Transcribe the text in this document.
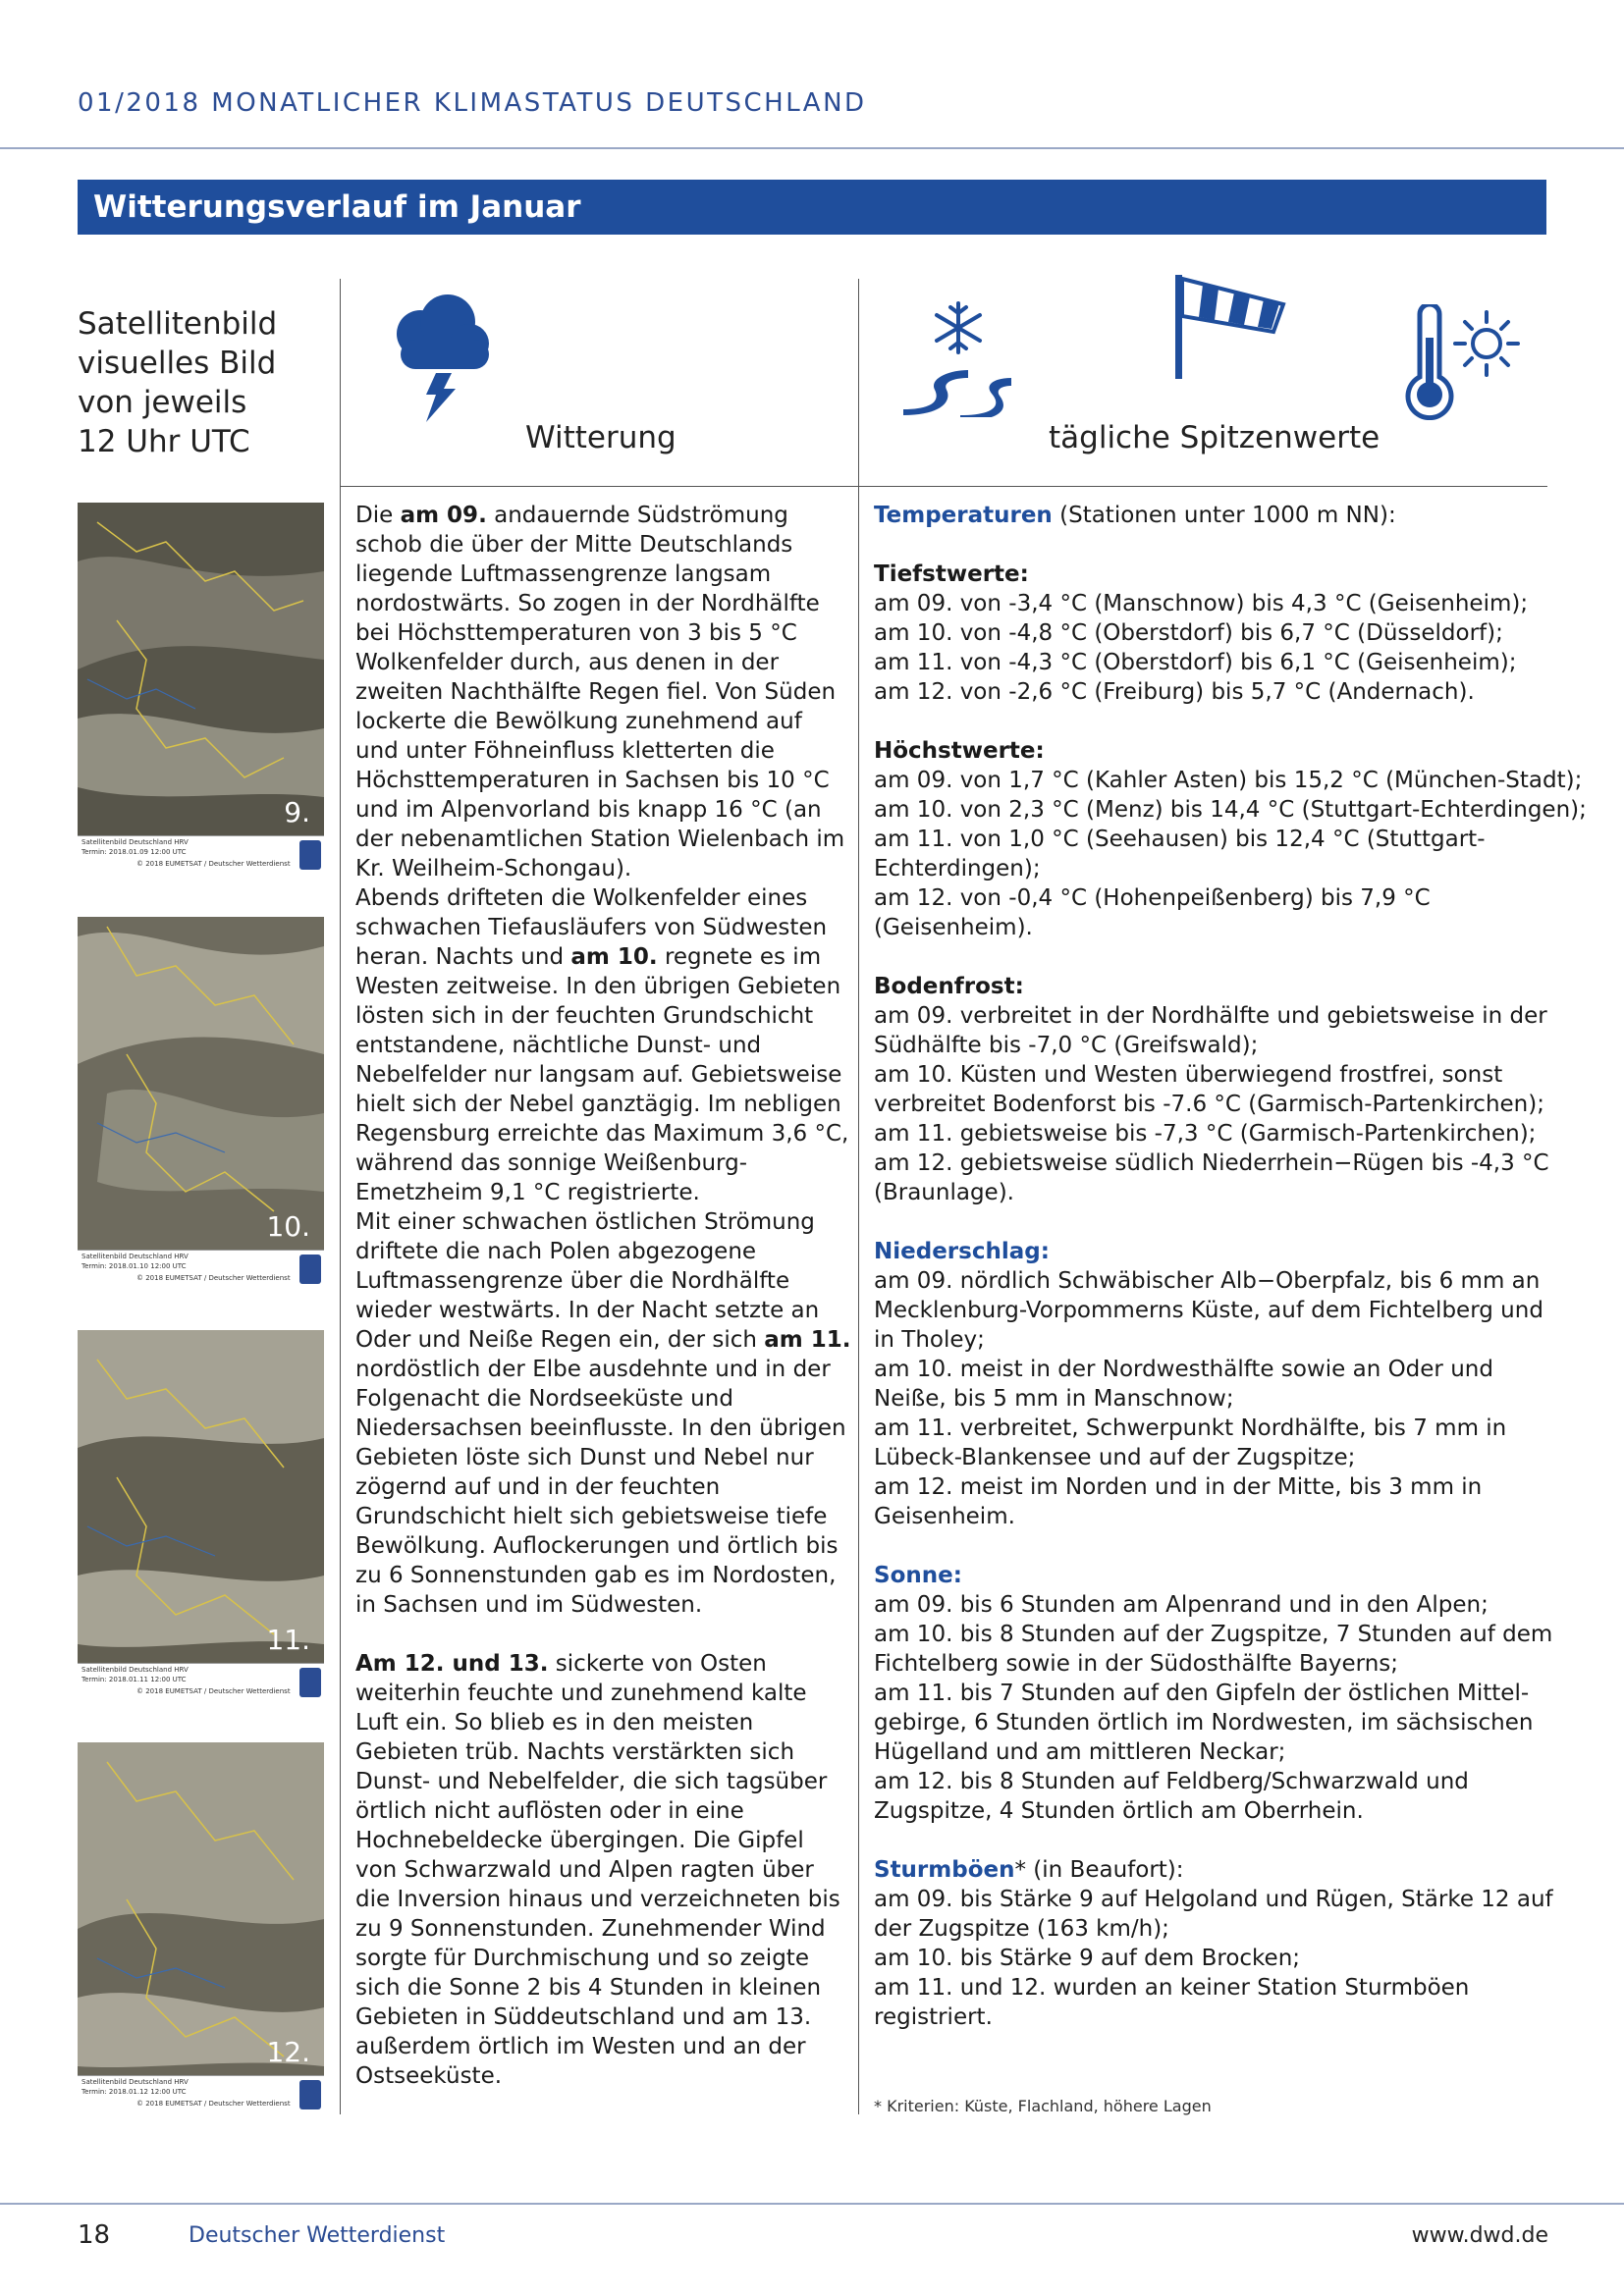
01/2018 MONATLICHER KLIMASTATUS DEUTSCHLAND
Witterungsverlauf im Januar
Satellitenbild
visuelles Bild
von jeweils
12 Uhr UTC	Witterung	tägliche Spitzenwerte
9.
Satellitenbild Deutschland HRV
Termin: 2018.01.09 12:00 UTC
© 2018 EUMETSAT / Deutscher Wetterdienst
10.
Satellitenbild Deutschland HRV
Termin: 2018.01.10 12:00 UTC
© 2018 EUMETSAT / Deutscher Wetterdienst
11.
Satellitenbild Deutschland HRV
Termin: 2018.01.11 12:00 UTC
© 2018 EUMETSAT / Deutscher Wetterdienst
12.
Satellitenbild Deutschland HRV
Termin: 2018.01.12 12:00 UTC
© 2018 EUMETSAT / Deutscher Wetterdienst

Die am 09. andauernde Südströmung schob die über der Mitte Deutschlands liegende Luftmassengrenze langsam nordostwärts. So zogen in der Nordhälfte bei Höchsttemperaturen von 3 bis 5 °C Wolkenfelder durch, aus denen in der zweiten Nachthälfte Regen fiel. Von Süden lockerte die Bewölkung zunehmend auf und unter Föhneinfluss kletterten die Höchsttemperaturen in Sachsen bis 10 °C und im Alpenvorland bis knapp 16 °C (an der nebenamtlichen Station Wielenbach im Kr. Weilheim-Schongau).

Abends drifteten die Wolkenfelder eines schwachen Tiefausläufers von Südwesten heran. Nachts und am 10. regnete es im Westen zeitweise. In den übrigen Gebieten lösten sich in der feuchten Grundschicht entstandene, nächtliche Dunst- und Nebelfelder nur langsam auf. Gebietsweise hielt sich der Nebel ganztägig. Im nebligen Regensburg erreichte das Maximum 3,6 °C, während das sonnige Weißenburg-Emetzheim 9,1 °C registrierte.

Mit einer schwachen östlichen Strömung driftete die nach Polen abgezogene Luftmassengrenze über die Nordhälfte wieder westwärts. In der Nacht setzte an Oder und Neiße Regen ein, der sich am 11. nordöstlich der Elbe ausdehnte und in der Folgenacht die Nordseeküste und Niedersachsen beeinflusste. In den übrigen Gebieten löste sich Dunst und Nebel nur zögernd auf und in der feuchten Grundschicht hielt sich gebietsweise tiefe Bewölkung. Auflockerungen und örtlich bis zu 6 Sonnenstunden gab es im Nordosten, in Sachsen und im Südwesten.

Am 12. und 13. sickerte von Osten weiterhin feuchte und zunehmend kalte Luft ein. So blieb es in den meisten Gebieten trüb. Nachts verstärkten sich Dunst- und Nebelfelder, die sich tagsüber örtlich nicht auflösten oder in eine Hochnebeldecke übergingen. Die Gipfel von Schwarzwald und Alpen ragten über die Inversion hinaus und verzeichneten bis zu 9 Sonnenstunden. Zunehmender Wind sorgte für Durchmischung und so zeigte sich die Sonne 2 bis 4 Stunden in kleinen Gebieten in Süddeutschland und am 13. außerdem örtlich im Westen und an der Ostseeküste.

Temperaturen (Stationen unter 1000 m NN):
Tiefstwerte:
am 09. von -3,4 °C (Manschnow) bis 4,3 °C (Geisenheim);
am 10. von -4,8 °C (Oberstdorf) bis 6,7 °C (Düsseldorf);
am 11. von -4,3 °C (Oberstdorf) bis 6,1 °C (Geisenheim);
am 12. von -2,6 °C (Freiburg) bis 5,7 °C (Andernach).
Höchstwerte:
am 09. von 1,7 °C (Kahler Asten) bis 15,2 °C (München-Stadt);
am 10. von 2,3 °C (Menz) bis 14,4 °C (Stuttgart-Echterdingen);
am 11. von 1,0 °C (Seehausen) bis 12,4 °C (Stuttgart-
Echterdingen);
am 12. von -0,4 °C (Hohenpeißenberg) bis 7,9 °C
(Geisenheim).
Bodenfrost:
am 09. verbreitet in der Nordhälfte und gebietsweise in der
Südhälfte bis -7,0 °C (Greifswald);
am 10. Küsten und Westen überwiegend frostfrei, sonst
verbreitet Bodenforst bis -7.6 °C (Garmisch-Partenkirchen);
am 11. gebietsweise bis -7,3 °C (Garmisch-Partenkirchen);
am 12. gebietsweise südlich Niederrhein−Rügen bis -4,3 °C
(Braunlage).
Niederschlag:
am 09. nördlich Schwäbischer Alb−Oberpfalz, bis 6 mm an
Mecklenburg-Vorpommerns Küste, auf dem Fichtelberg und
in Tholey;
am 10. meist in der Nordwesthälfte sowie an Oder und
Neiße, bis 5 mm in Manschnow;
am 11. verbreitet, Schwerpunkt Nordhälfte, bis 7 mm in
Lübeck-Blankensee und auf der Zugspitze;
am 12. meist im Norden und in der Mitte, bis 3 mm in
Geisenheim.
Sonne:
am 09. bis 6 Stunden am Alpenrand und in den Alpen;
am 10. bis 8 Stunden auf der Zugspitze, 7 Stunden auf dem
Fichtelberg sowie in der Südosthälfte Bayerns;
am 11. bis 7 Stunden auf den Gipfeln der östlichen Mittel-
gebirge, 6 Stunden örtlich im Nordwesten, im sächsischen
Hügelland und am mittleren Neckar;
am 12. bis 8 Stunden auf Feldberg/Schwarzwald und
Zugspitze, 4 Stunden örtlich am Oberrhein.
Sturmböen* (in Beaufort):
am 09. bis Stärke 9 auf Helgoland und Rügen, Stärke 12 auf
der Zugspitze (163 km/h);
am 10. bis Stärke 9 auf dem Brocken;
am 11. und 12. wurden an keiner Station Sturmböen
registriert.
* Kriterien: Küste, Flachland, höhere Lagen
18	Deutscher Wetterdienst	www.dwd.de
